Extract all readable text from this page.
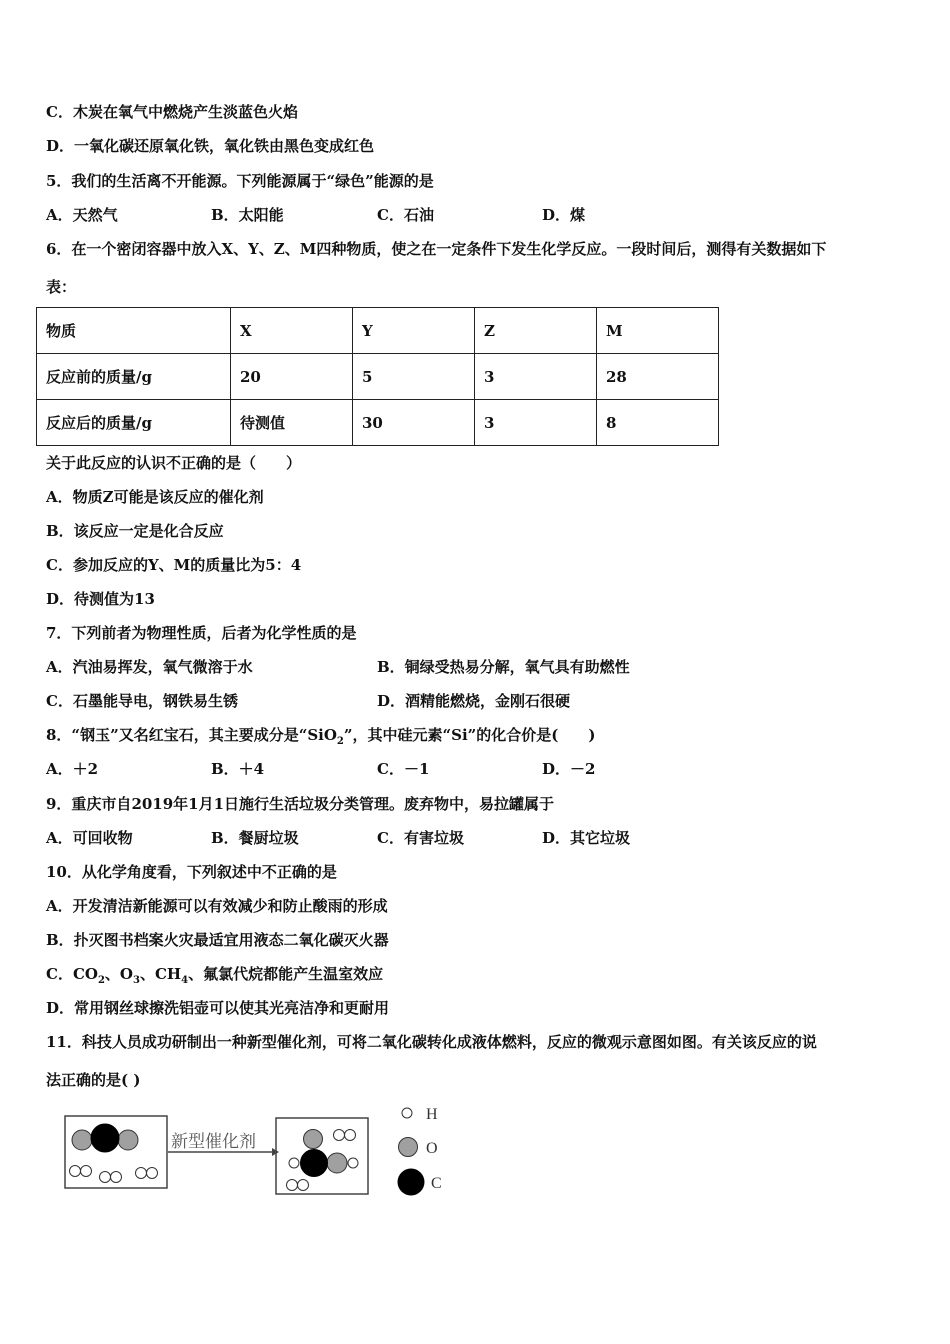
C．木炭在氧气中燃烧产生淡蓝色火焰
D．一氧化碳还原氧化铁，氧化铁由黑色变成红色
5．我们的生活离不开能源。下列能源属于“绿色”能源的是
A．天然气	B．太阳能	C．石油	D．煤
6．在一个密闭容器中放入X、Y、Z、M四种物质，使之在一定条件下发生化学反应。一段时间后，测得有关数据如下
表：
物质	X	Y	Z	M
反应前的质量/g	20	5	3	28
反应后的质量/g	待测值	30	3	8
关于此反应的认识不正确的是（　　）
A．物质Z可能是该反应的催化剂
B．该反应一定是化合反应
C．参加反应的Y、M的质量比为5：4
D．待测值为13
7．下列前者为物理性质，后者为化学性质的是
A．汽油易挥发，氧气微溶于水	B．铜绿受热易分解，氧气具有助燃性
C．石墨能导电，钢铁易生锈	D．酒精能燃烧，金刚石很硬
8．“钢玉”又名红宝石，其主要成分是“SiO$_2$”，其中硅元素“Si”的化合价是(　　)
A．＋2	B．＋4	C．－1	D．－2
9．重庆市自2019年1月1日施行生活垃圾分类管理。废弃物中，易拉罐属于
A．可回收物	B．餐厨垃圾	C．有害垃圾	D．其它垃圾
10．从化学角度看，下列叙述中不正确的是
A．开发清洁新能源可以有效减少和防止酸雨的形成
B．扑灭图书档案火灾最适宜用液态二氧化碳灭火器
C．$CO_2$、$O_3$、$CH_4$、氟氯代烷都能产生温室效应
D．常用钢丝球擦洗铝壶可以使其光亮洁净和更耐用
11．科技人员成功研制出一种新型催化剂，可将二氧化碳转化成液体燃料，反应的微观示意图如图。有关该反应的说
法正确的是( )
新型催化剂
H
O
C
